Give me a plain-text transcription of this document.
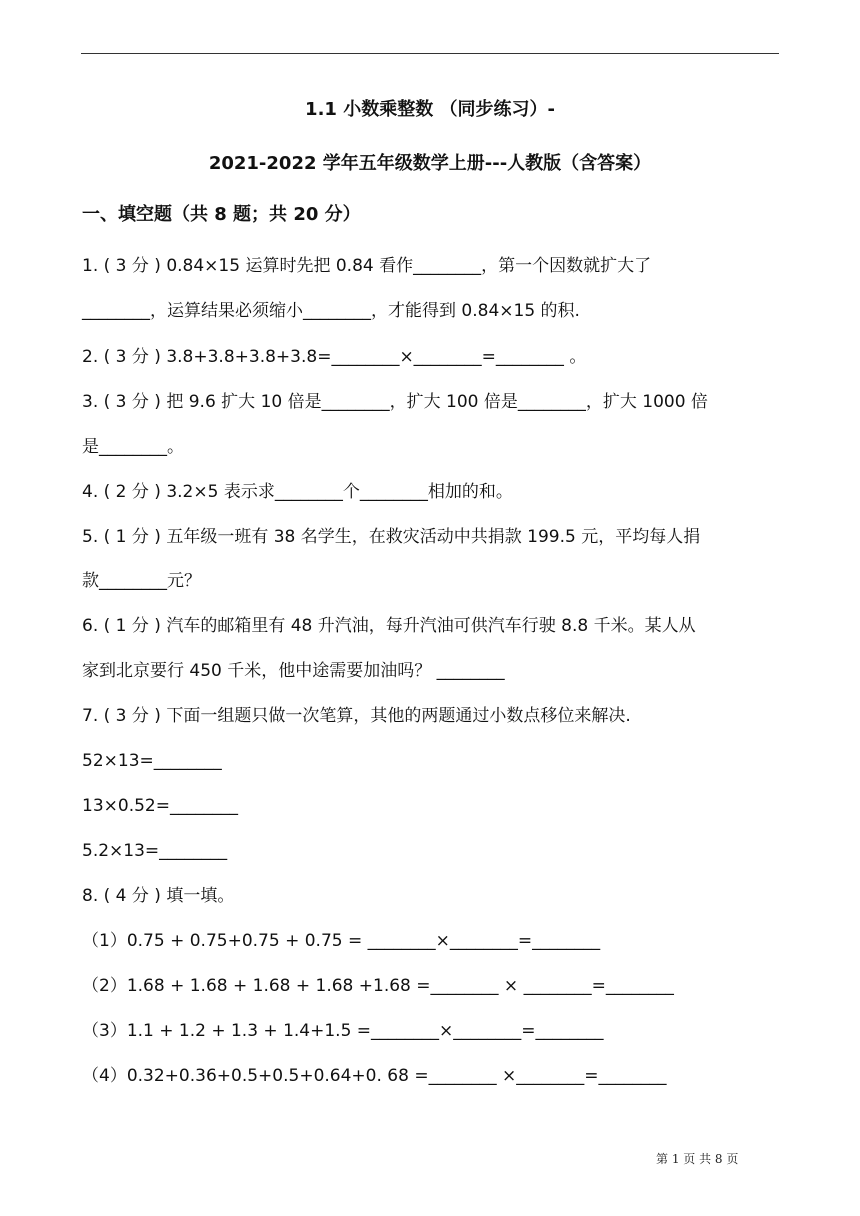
1.1 小数乘整数 （同步练习）-
2021-2022 学年五年级数学上册---人教版（含答案）
一、填空题（共 8 题；共 20 分）
1. ( 3 分 ) 0.84×15 运算时先把 0.84 看作________，第一个因数就扩大了
________，运算结果必须缩小________，才能得到 0.84×15 的积.
2. ( 3 分 ) 3.8+3.8+3.8+3.8=________×________=________ 。
3. ( 3 分 ) 把 9.6 扩大 10 倍是________，扩大 100 倍是________，扩大 1000 倍
是________。
4. ( 2 分 ) 3.2×5 表示求________个________相加的和。
5. ( 1 分 ) 五年级一班有 38 名学生，在救灾活动中共捐款 199.5 元，平均每人捐
款________元？
6. ( 1 分 ) 汽车的邮箱里有 48 升汽油，每升汽油可供汽车行驶 8.8 千米。某人从
家到北京要行 450 千米，他中途需要加油吗？ ________
7. ( 3 分 ) 下面一组题只做一次笔算，其他的两题通过小数点移位来解决.
52×13=________
13×0.52=________
5.2×13=________
8. ( 4 分 ) 填一填。
（1）0.75 + 0.75+0.75 + 0.75 = ________×________=________
（2）1.68 + 1.68 + 1.68 + 1.68 +1.68 =________ × ________=________
（3）1.1 + 1.2 + 1.3 + 1.4+1.5 =________×________=________
（4）0.32+0.36+0.5+0.5+0.64+0. 68 =________ ×________=________
第 1 页 共 8 页
